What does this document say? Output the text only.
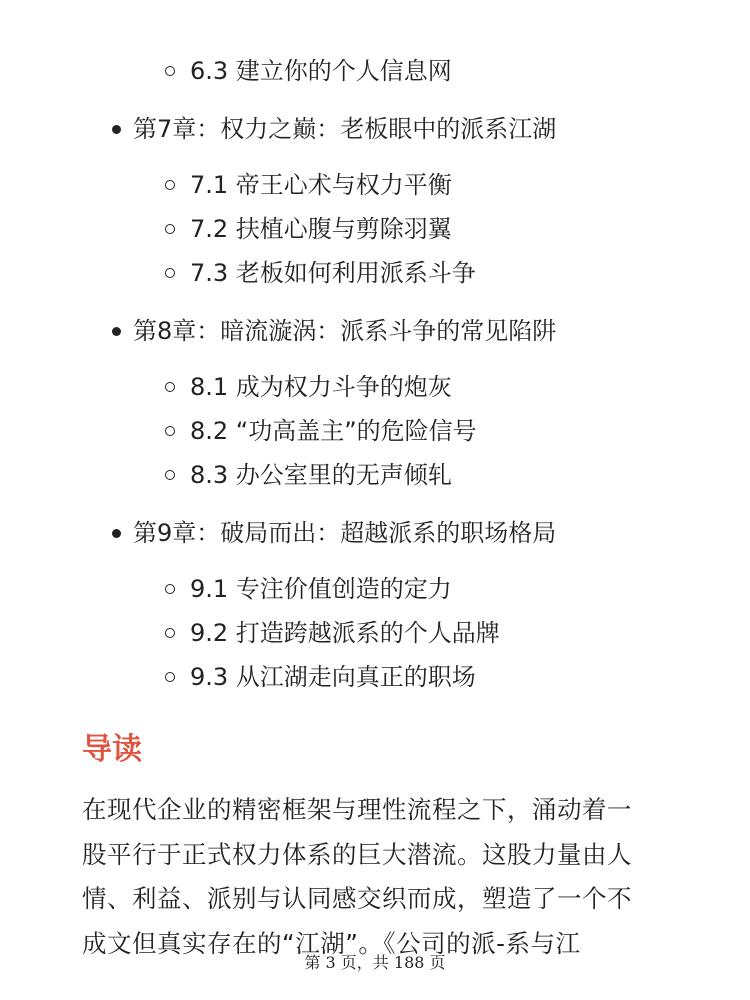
6.3 建立你的个人信息网
第7章：权力之巅：老板眼中的派系江湖
7.1 帝王心术与权力平衡
7.2 扶植心腹与剪除羽翼
7.3 老板如何利用派系斗争
第8章：暗流漩涡：派系斗争的常见陷阱
8.1 成为权力斗争的炮灰
8.2 “功高盖主”的危险信号
8.3 办公室里的无声倾轧
第9章：破局而出：超越派系的职场格局
9.1 专注价值创造的定力
9.2 打造跨越派系的个人品牌
9.3 从江湖走向真正的职场
导读
在现代企业的精密框架与理性流程之下，涌动着一
股平行于正式权力体系的巨大潜流。这股力量由人
情、利益、派别与认同感交织而成，塑造了一个不
成文但真实存在的“江湖”。《公司的派-系与江
第 3 页，共 188 页
